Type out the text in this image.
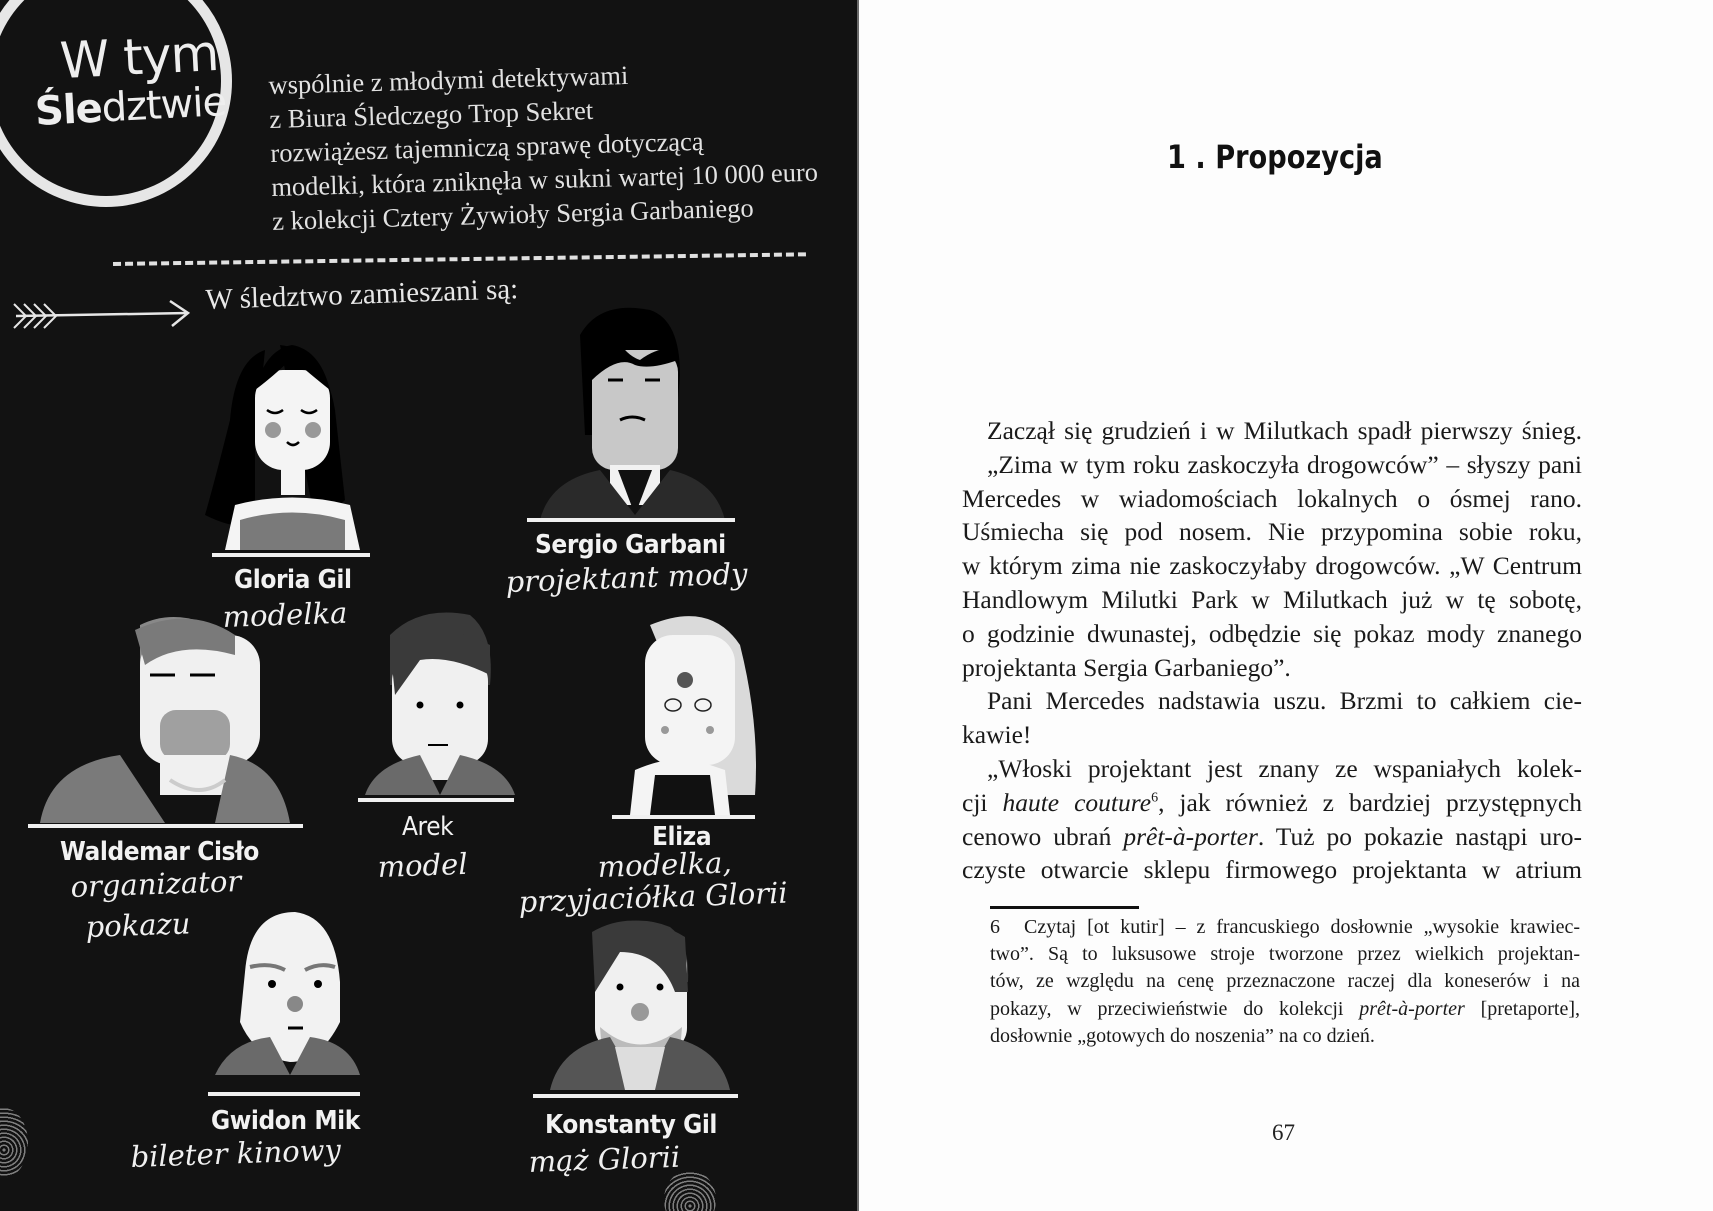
W tym
Śledztwie wspólnie z młodymi detektywami
z Biura Śledczego Trop Sekret
rozwiążesz tajemniczą sprawę dotyczącą
modelki, która zniknęła w sukni wartej 10 000 euro
z kolekcji Cztery Żywioły Sergia Garbaniego
W śledztwo zamieszani są:
Gloria Gil
modelka
Sergio Garbani
projektant mody
Waldemar Cisło
organizator
pokazu
Arek
model
Eliza
modelka,
przyjaciółka Glorii
Gwidon Mik
bileter kinowy
Konstanty Gil
mąż Glorii
1 . Propozycja
Zaczął się grudzień i w Milutkach spadł pierwszy śnieg.
„Zima w tym roku zaskoczyła drogowców” – słyszy pani
Mercedes w wiadomościach lokalnych o ósmej rano.
Uśmiecha się pod nosem. Nie przypomina sobie roku,
w którym zima nie zaskoczyłaby drogowców. „W Centrum
Handlowym Milutki Park w Milutkach już w tę sobotę,
o godzinie dwunastej, odbędzie się pokaz mody znanego
projektanta Sergia Garbaniego”.
Pani Mercedes nadstawia uszu. Brzmi to całkiem cie-
kawie!
„Włoski projektant jest znany ze wspaniałych kolek-
cji haute couture$^6$, jak również z bardziej przystępnych
cenowo ubrań prêt-à-porter. Tuż po pokazie nastąpi uro-
czyste otwarcie sklepu firmowego projektanta w atrium
6 Czytaj [ot kutir] – z francuskiego dosłownie „wysokie krawiec-
two”. Są to luksusowe stroje tworzone przez wielkich projektan-
tów, ze względu na cenę przeznaczone raczej dla koneserów i na
pokazy, w przeciwieństwie do kolekcji prêt-à-porter [pretaporte],
dosłownie „gotowych do noszenia” na co dzień.
67
